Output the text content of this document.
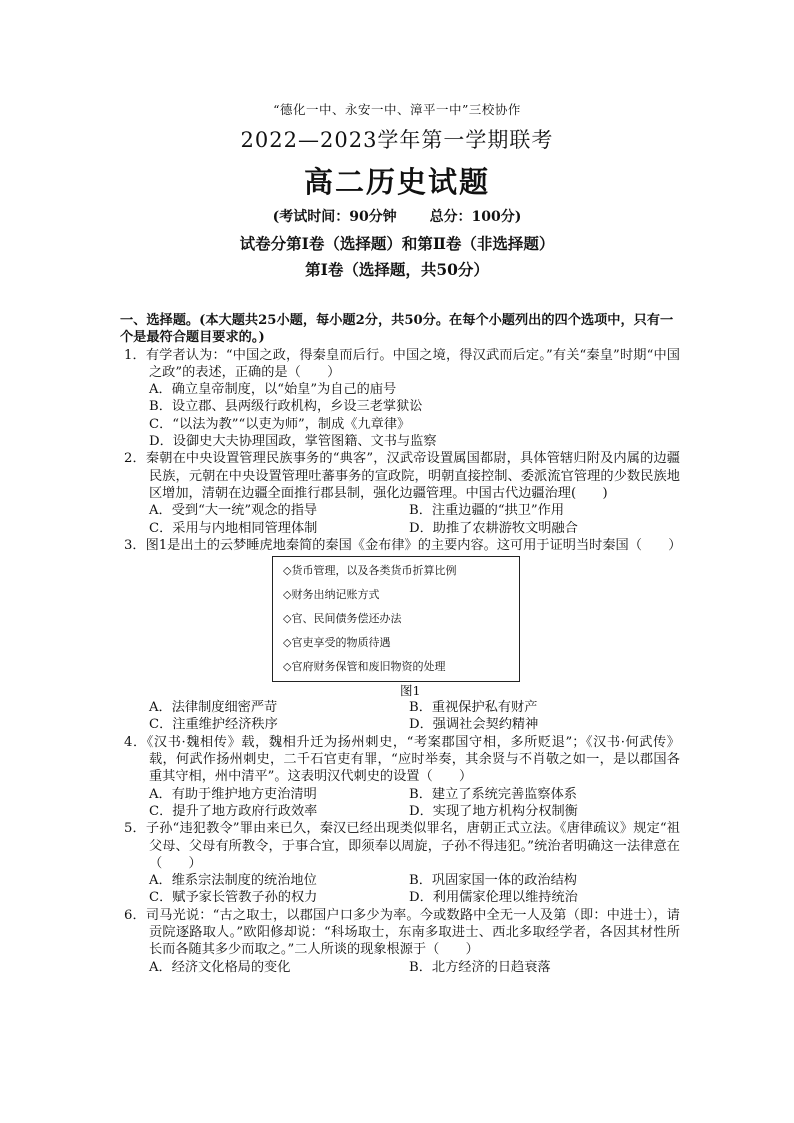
“德化一中、永安一中、漳平一中”三校协作
2022—2023学年第一学期联考
高二历史试题
(考试时间：90分钟 总分：100分)
试卷分第Ⅰ卷（选择题）和第Ⅱ卷（非选择题）
第Ⅰ卷（选择题，共50分）
一、选择题。(本大题共25小题，每小题2分，共50分。在每个小题列出的四个选项中，只有一个是最符合题目要求的。)
1．有学者认为：“中国之政，得秦皇而后行。中国之境，得汉武而后定。”有关“秦皇”时期“中国之政”的表述，正确的是（　　）
A．确立皇帝制度，以“始皇”为自己的庙号
B．设立郡、县两级行政机构，乡设三老掌狱讼
C．“以法为教”“以吏为师”，制成《九章律》
D．设御史大夫协理国政，掌管图籍、文书与监察
2．秦朝在中央设置管理民族事务的“典客”，汉武帝设置属国都尉，具体管辖归附及内属的边疆民族，元朝在中央设置管理吐蕃事务的宣政院，明朝直接控制、委派流官管理的少数民族地区增加，清朝在边疆全面推行郡县制，强化边疆管理。中国古代边疆治理(　　)
A．受到“大一统”观念的指导	B．注重边疆的“拱卫”作用
C．采用与内地相同管理体制	D．助推了农耕游牧文明融合
3．图1是出土的云梦睡虎地秦简的秦国《金布律》的主要内容。这可用于证明当时秦国（　　）
◇货币管理，以及各类货币折算比例
◇财务出纳记账方式
◇官、民间债务偿还办法
◇官吏享受的物质待遇
◇官府财务保管和废旧物资的处理
图1
A．法律制度细密严苛	B．重视保护私有财产
C．注重维护经济秩序	D．强调社会契约精神
4．《汉书·魏相传》载，魏相升迁为扬州刺史，“考案郡国守相，多所贬退”；《汉书·何武传》载，何武作扬州刺史，二千石官吏有罪，“应时举奏，其余贤与不肖敬之如一，是以郡国各重其守相，州中清平”。这表明汉代刺史的设置（　　）
A．有助于维护地方吏治清明	B．建立了系统完善监察体系
C．提升了地方政府行政效率	D．实现了地方机构分权制衡
5．子孙“违犯教令”罪由来已久，秦汉已经出现类似罪名，唐朝正式立法。《唐律疏议》规定“祖父母、父母有所教令，于事合宜，即须奉以周旋，子孙不得违犯。”统治者明确这一法律意在（　　）
A．维系宗法制度的统治地位	B．巩固家国一体的政治结构
C．赋予家长管教子孙的权力	D．利用儒家伦理以维持统治
6．司马光说：“古之取士，以郡国户口多少为率。今或数路中全无一人及第（即：中进士），请贡院逐路取人。”欧阳修却说：“科场取士，东南多取进士、西北多取经学者，各因其材性所长而各随其多少而取之。”二人所谈的现象根源于（　　）
A．经济文化格局的变化	B．北方经济的日趋衰落
